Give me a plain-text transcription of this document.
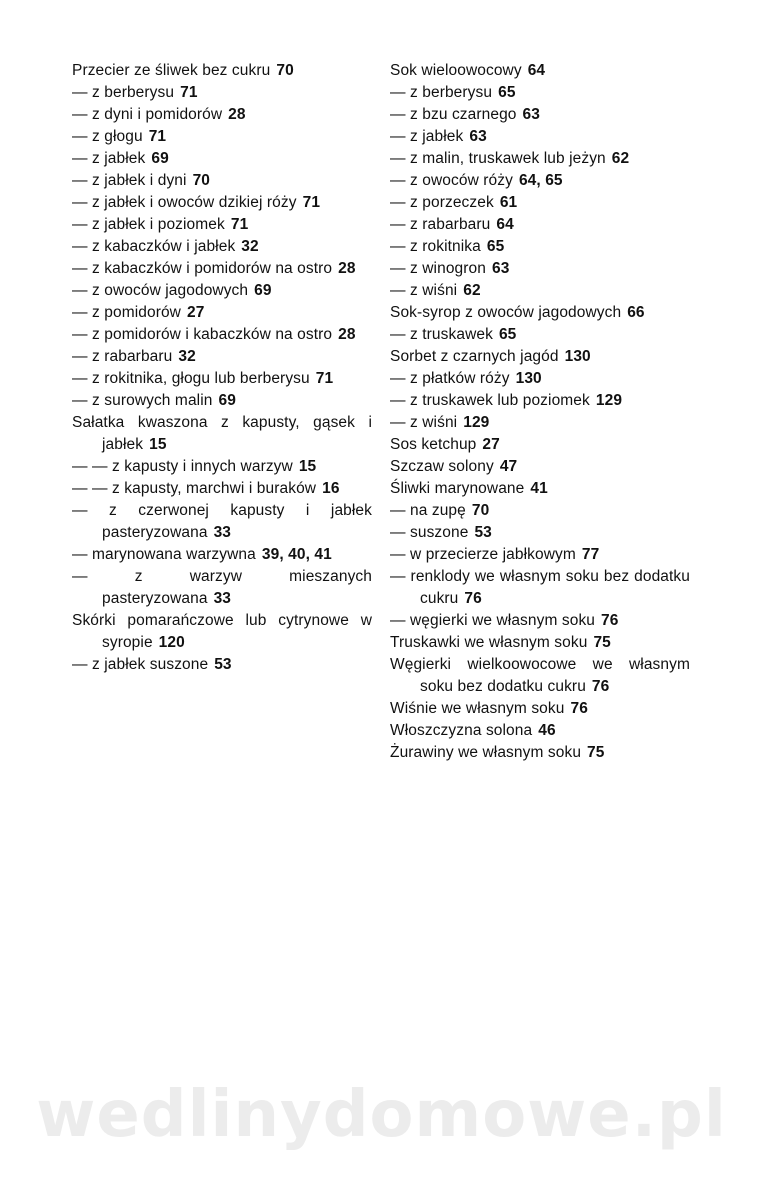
Przecier ze śliwek bez cukru 70

— z berberysu 71

— z dyni i pomidorów 28

— z głogu 71

— z jabłek 69

— z jabłek i dyni 70

— z jabłek i owoców dzikiej róży 71

— z jabłek i poziomek 71

— z kabaczków i jabłek 32

— z kabaczków i pomidorów na ostro 28

— z owoców jagodowych 69

— z pomidorów 27

— z pomidorów i kabaczków na ostro 28

— z rabarbaru 32

— z rokitnika, głogu lub berberysu 71

— z surowych malin 69

Sałatka kwaszona z kapusty, gąsek i jabłek 15

— — z kapusty i innych warzyw 15

— — z kapusty, marchwi i buraków 16

— z czerwonej kapusty i jabłek pasteryzowana 33

— marynowana warzywna 39, 40, 41

— z warzyw mieszanych pasteryzowana 33

Skórki pomarańczowe lub cytrynowe w syropie 120

— z jabłek suszone 53

Sok wieloowocowy 64

— z berberysu 65

— z bzu czarnego 63

— z jabłek 63

— z malin, truskawek lub jeżyn 62

— z owoców róży 64, 65

— z porzeczek 61

— z rabarbaru 64

— z rokitnika 65

— z winogron 63

— z wiśni 62

Sok-syrop z owoców jagodowych 66

— z truskawek 65

Sorbet z czarnych jagód 130

— z płatków róży 130

— z truskawek lub poziomek 129

— z wiśni 129

Sos ketchup 27

Szczaw solony 47

Śliwki marynowane 41

— na zupę 70

— suszone 53

— w przecierze jabłkowym 77

— renklody we własnym soku bez dodatku cukru 76

— węgierki we własnym soku 76

Truskawki we własnym soku 75

Węgierki wielkoowocowe we własnym soku bez dodatku cukru 76

Wiśnie we własnym soku 76

Włoszczyzna solona 46

Żurawiny we własnym soku 75

wedlinydomowe.pl
